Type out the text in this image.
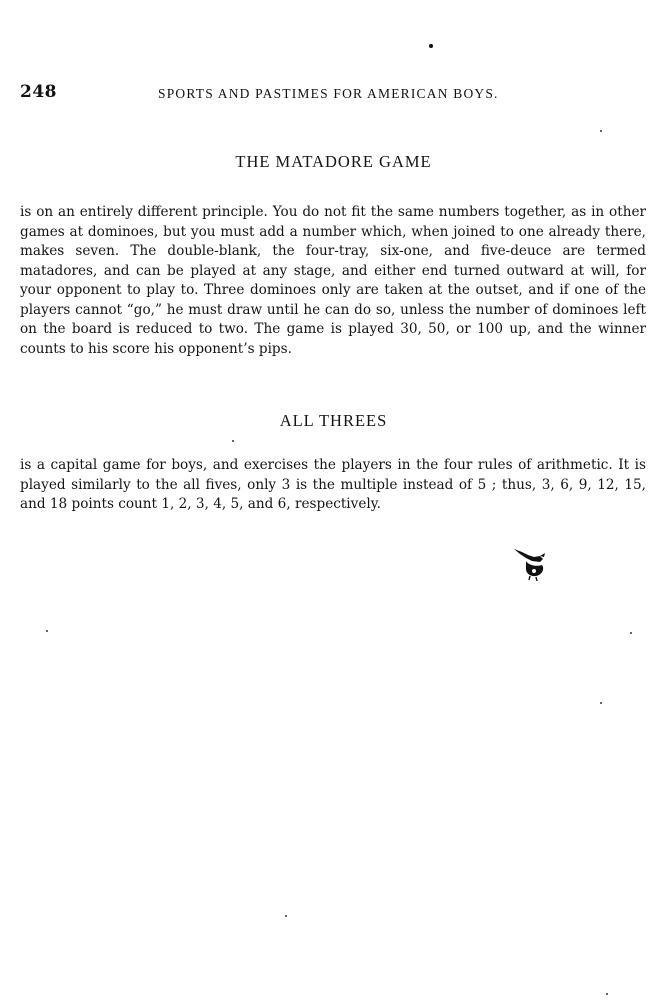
248	SPORTS AND PASTIMES FOR AMERICAN BOYS.
THE MATADORE GAME

is on an entirely different principle. You do not fit the same numbers together, as in other games at dominoes, but you must add a number which, when joined to one already there, makes seven. The double-blank, the four-tray, six-one, and five-deuce are termed matadores, and can be played at any stage, and either end turned outward at will, for your opponent to play to. Three dominoes only are taken at the outset, and if one of the players cannot “go,” he must draw until he can do so, unless the number of dominoes left on the board is reduced to two. The game is played 30, 50, or 100 up, and the winner counts to his score his opponent’s pips.

ALL THREES

is a capital game for boys, and exercises the players in the four rules of arithmetic. It is played similarly to the all fives, only 3 is the multiple instead of 5 ; thus, 3, 6, 9, 12, 15, and 18 points count 1, 2, 3, 4, 5, and 6, respectively.
